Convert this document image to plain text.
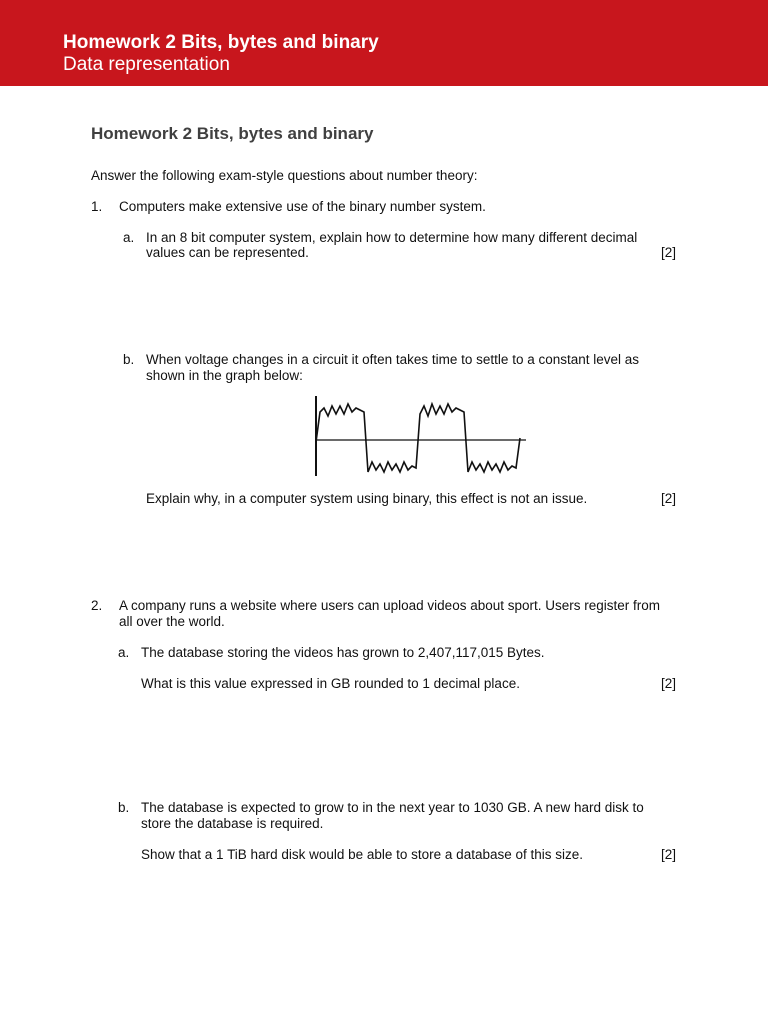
Homework 2 Bits, bytes and binary
Data representation
Homework 2 Bits, bytes and binary
Answer the following exam-style questions about number theory:
1. Computers make extensive use of the binary number system.
a. In an 8 bit computer system, explain how to determine how many different decimal
values can be represented.	[2]
b. When voltage changes in a circuit it often takes time to settle to a constant level as
shown in the graph below:
Explain why, in a computer system using binary, this effect is not an issue.	[2]
2. A company runs a website where users can upload videos about sport. Users register from
all over the world.
a. The database storing the videos has grown to 2,407,117,015 Bytes.
What is this value expressed in GB rounded to 1 decimal place.	[2]
b. The database is expected to grow to in the next year to 1030 GB. A new hard disk to
store the database is required.
Show that a 1 TiB hard disk would be able to store a database of this size.	[2]
